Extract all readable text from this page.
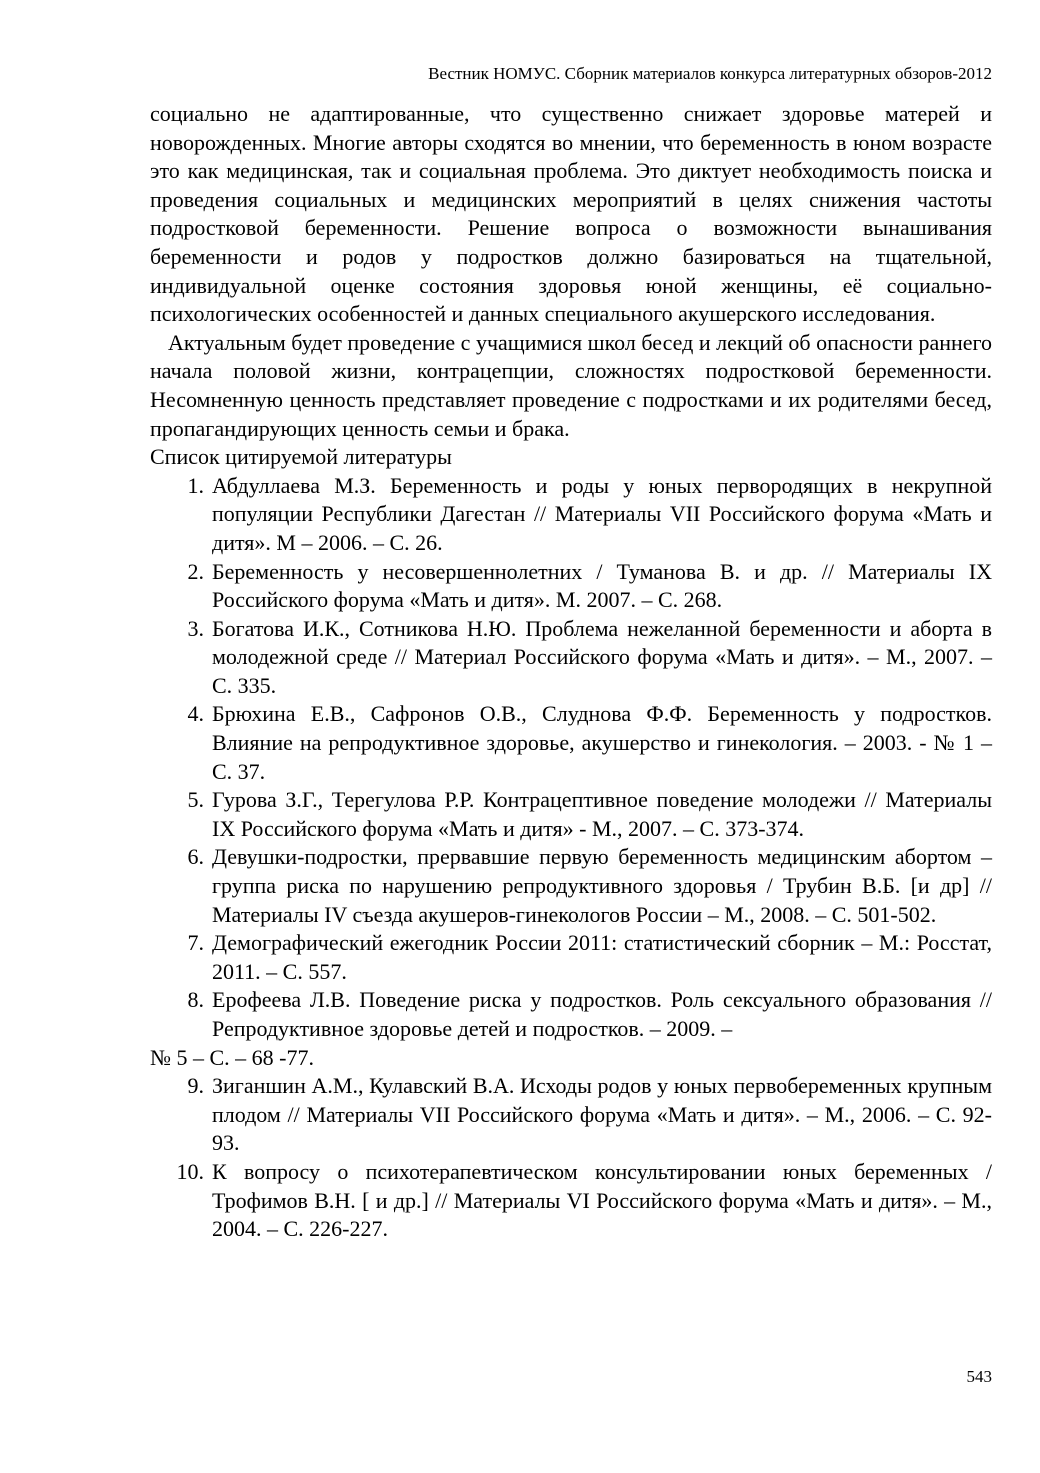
Вестник НОМУС. Сборник материалов конкурса литературных обзоров-2012

социально не адаптированные, что существенно снижает здоровье матерей и новорожденных. Многие авторы сходятся во мнении, что беременность в юном возрасте это как медицинская, так и социальная проблема. Это диктует необходимость поиска и проведения социальных и медицинских мероприятий в целях снижения частоты подростковой беременности. Решение вопроса о возможности вынашивания беременности и родов у подростков должно базироваться на тщательной, индивидуальной оценке состояния здоровья юной женщины, её социально-психологических особенностей и данных специального акушерского исследования.

Актуальным будет проведение с учащимися школ бесед и лекций об опасности раннего начала половой жизни, контрацепции, сложностях подростковой беременности. Несомненную ценность представляет проведение с подростками и их родителями бесед, пропагандирующих ценность семьи и брака.

Список цитируемой литературы

1. Абдуллаева М.З. Беременность и роды у юных первородящих в некрупной популяции Республики Дагестан // Материалы VII Российского форума «Мать и дитя». М – 2006. – С. 26.
2. Беременность у несовершеннолетних / Туманова В. и др. // Материалы IX Российского форума «Мать и дитя». М. 2007. – С. 268.
3. Богатова И.К., Сотникова Н.Ю. Проблема нежеланной беременности и аборта в молодежной среде // Материал Российского форума «Мать и дитя». – М., 2007. – С. 335.
4. Брюхина Е.В., Сафронов О.В., Слуднова Ф.Ф. Беременность у подростков. Влияние на репродуктивное здоровье, акушерство и гинекология. – 2003. - № 1 – С. 37.
5. Гурова З.Г., Терегулова Р.Р. Контрацептивное поведение молодежи // Материалы IX Российского форума «Мать и дитя» - М., 2007. – С. 373-374.
6. Девушки-подростки, прервавшие первую беременность медицинским абортом – группа риска по нарушению репродуктивного здоровья / Трубин В.Б. [и др] // Материалы IV съезда акушеров-гинекологов России – М., 2008. – С. 501-502.
7. Демографический ежегодник России 2011: статистический сборник – М.: Росстат, 2011. – С. 557.
8. Ерофеева Л.В. Поведение риска у подростков. Роль сексуального образования // Репродуктивное здоровье детей и подростков. – 2009. –
№ 5 – С. – 68 -77.
9. Зиганшин А.М., Кулавский В.А. Исходы родов у юных первобеременных крупным плодом // Материалы VII Российского форума «Мать и дитя». – М., 2006. – С. 92-93.
10. К вопросу о психотерапевтическом консультировании юных беременных / Трофимов В.Н. [ и др.] // Материалы VI Российского форума «Мать и дитя». – М., 2004. – С. 226-227.
543
